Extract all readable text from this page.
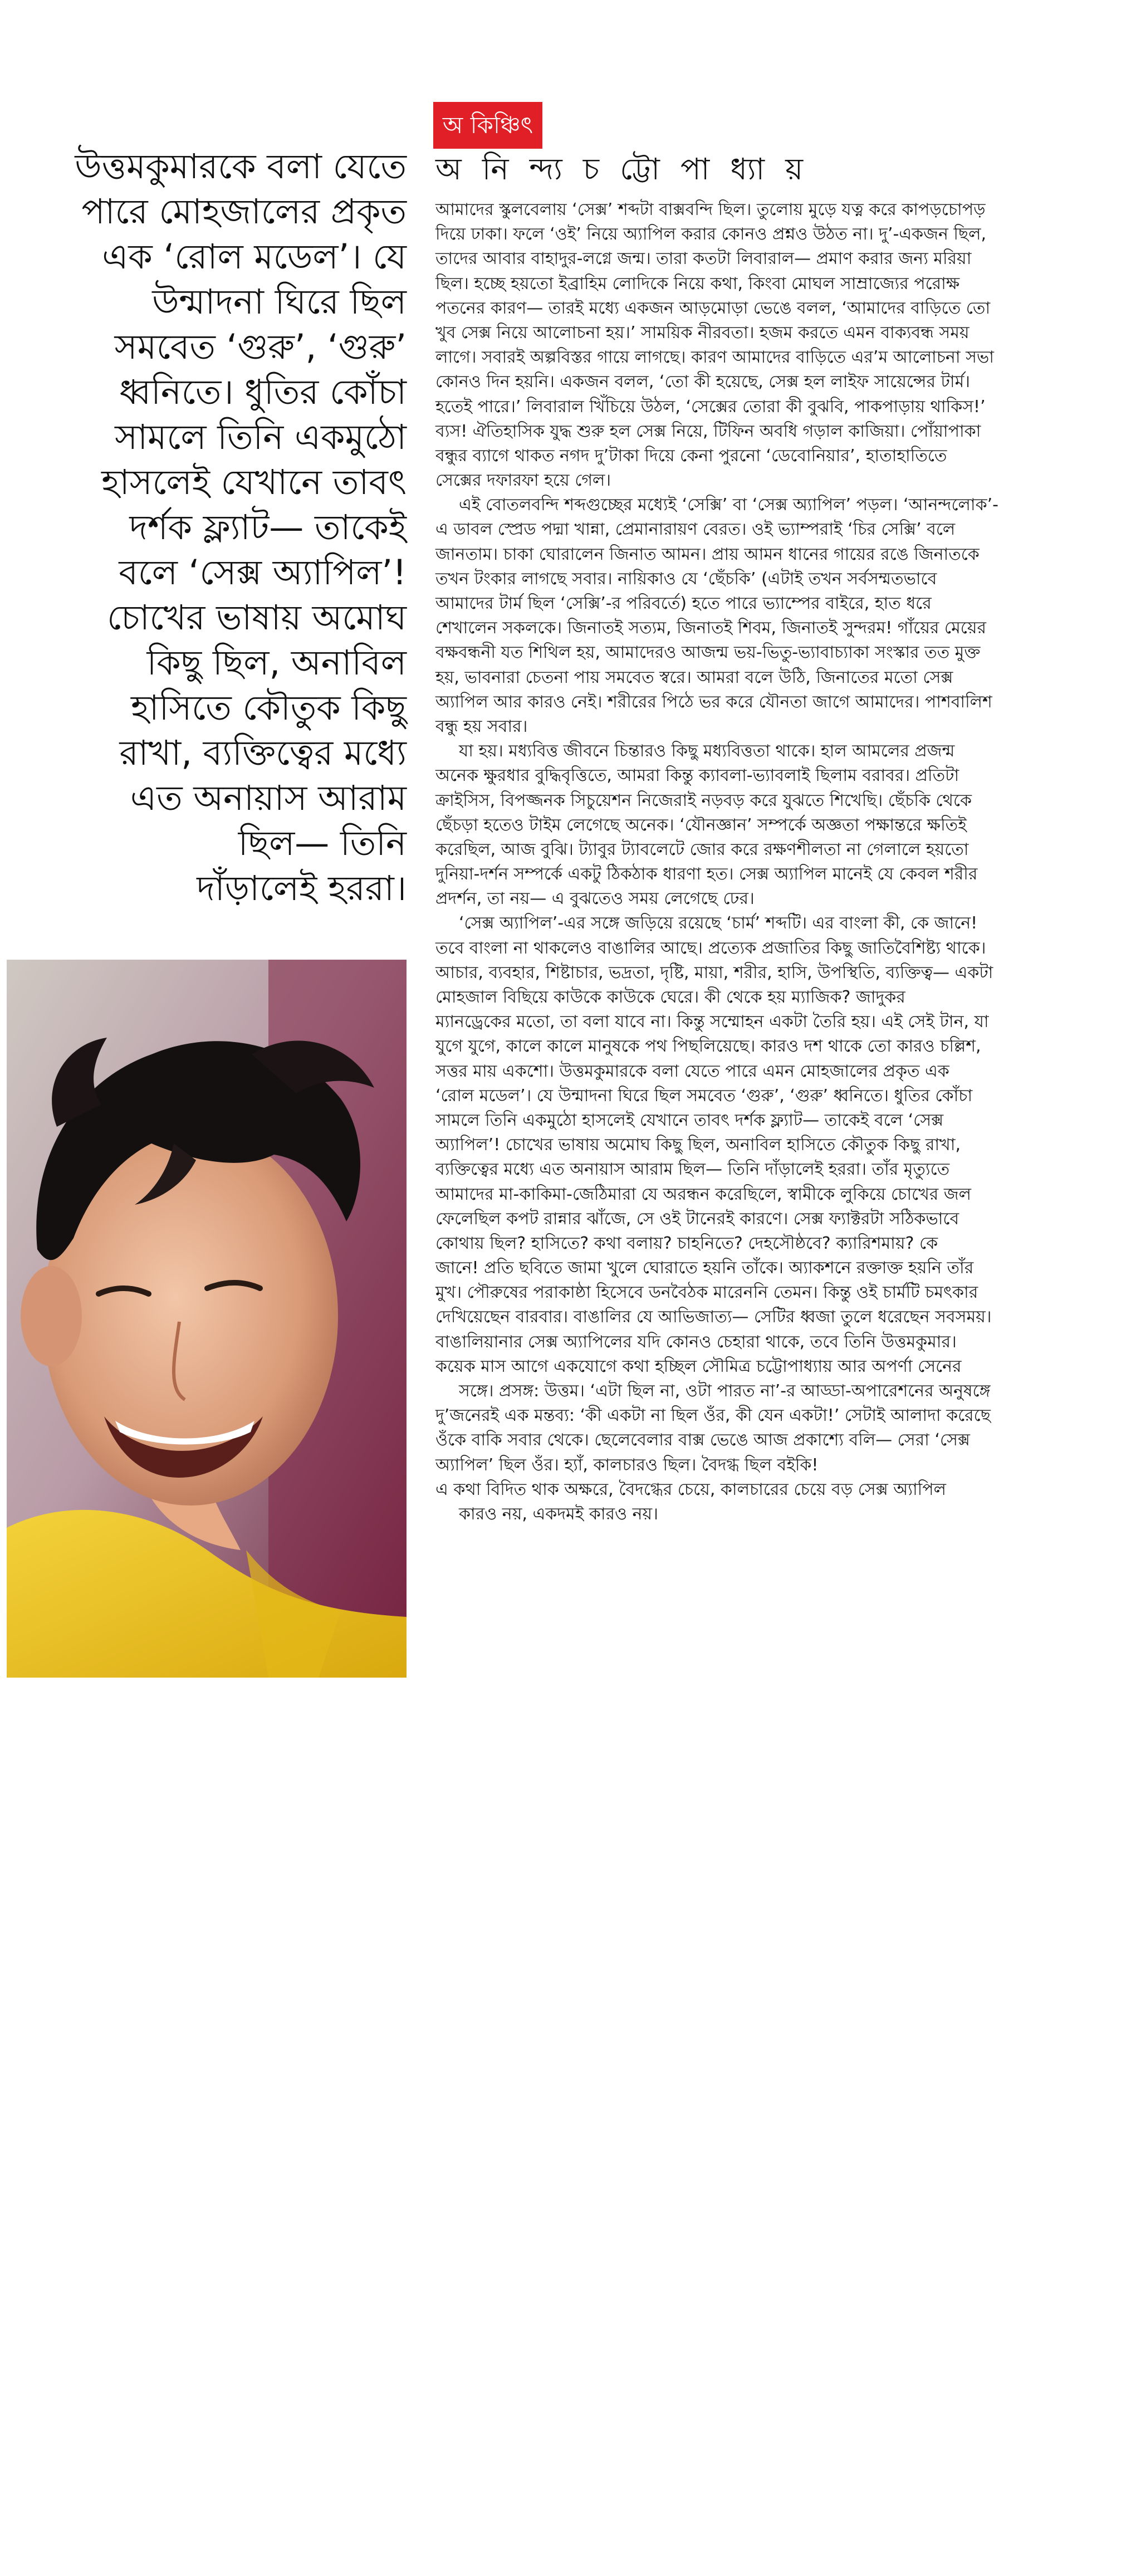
অ কিঞ্চিৎ
অ নি ন্দ্য চ ট্টো পা ধ্যা য়
উত্তমকুমারকে বলা যেতে
পারে মোহজালের প্রকৃত
এক ‘রোল মডেল’। যে
উন্মাদনা ঘিরে ছিল
সমবেত ‘গুরু’, ‘গুরু’
ধ্বনিতে। ধুতির কোঁচা
সামলে তিনি একমুঠো
হাসলেই যেখানে তাবৎ
দর্শক ফ্ল্যাট— তাকেই
বলে ‘সেক্স অ্যাপিল’!
চোখের ভাষায় অমোঘ
কিছু ছিল, অনাবিল
হাসিতে কৌতুক কিছু
রাখা, ব্যক্তিত্বের মধ্যে
এত অনায়াস আরাম
ছিল— তিনি
দাঁড়ালেই হররা।
আমাদের স্কুলবেলায় ‘সেক্স’ শব্দটা বাক্সবন্দি ছিল। তুলোয় মুড়ে যত্ন করে কাপড়চোপড়
দিয়ে ঢাকা। ফলে ‘ওই’ নিয়ে অ্যাপিল করার কোনও প্রশ্নও উঠত না। দু’-একজন ছিল,
তাদের আবার বাহাদুর-লগ্নে জন্ম। তারা কতটা লিবারাল— প্রমাণ করার জন্য মরিয়া
ছিল। হচ্ছে হয়তো ইব্রাহিম লোদিকে নিয়ে কথা, কিংবা মোঘল সাম্রাজ্যের পরোক্ষ
পতনের কারণ— তারই মধ্যে একজন আড়মোড়া ভেঙে বলল, ‘আমাদের বাড়িতে তো
খুব সেক্স নিয়ে আলোচনা হয়।’ সাময়িক নীরবতা। হজম করতে এমন বাক্যবন্ধ সময়
লাগে। সবারই অল্পবিস্তর গায়ে লাগছে। কারণ আমাদের বাড়িতে এর’ম আলোচনা সভা
কোনও দিন হয়নি। একজন বলল, ‘তো কী হয়েছে, সেক্স হল লাইফ সায়েন্সের টার্ম।
হতেই পারে।’ লিবারাল খিঁচিয়ে উঠল, ‘সেক্সের তোরা কী বুঝবি, পাকপাড়ায় থাকিস!’
ব্যস! ঐতিহাসিক যুদ্ধ শুরু হল সেক্স নিয়ে, টিফিন অবধি গড়াল কাজিয়া। পোঁয়াপাকা
বন্ধুর ব্যাগে থাকত নগদ দু’টাকা দিয়ে কেনা পুরনো ‘ডেবোনিয়ার’, হাতাহাতিতে
সেক্সের দফারফা হয়ে গেল।
এই বোতলবন্দি শব্দগুচ্ছের মধ্যেই ‘সেক্সি’ বা ‘সেক্স অ্যাপিল’ পড়ল। ‘আনন্দলোক’-
এ ডাবল স্প্রেড পদ্মা খান্না, প্রেমানারায়ণ বেরত। ওই ভ্যাম্পরাই ‘চির সেক্সি’ বলে
জানতাম। চাকা ঘোরালেন জিনাত আমন। প্রায় আমন ধানের গায়ের রঙে জিনাতকে
তখন টংকার লাগছে সবার। নায়িকাও যে ‘ছেঁচকি’ (এটাই তখন সর্বসম্মতভাবে
আমাদের টার্ম ছিল ‘সেক্সি’-র পরিবর্তে) হতে পারে ভ্যাম্পের বাইরে, হাত ধরে
শেখালেন সকলকে। জিনাতই সত্যম, জিনাতই শিবম, জিনাতই সুন্দরম! গাঁয়ের মেয়ের
বক্ষবন্ধনী যত শিথিল হয়, আমাদেরও আজন্ম ভয়-ভিতু-ভ্যাবাচ্যাকা সংস্কার তত মুক্ত
হয়, ভাবনারা চেতনা পায় সমবেত স্বরে। আমরা বলে উঠি, জিনাতের মতো সেক্স
অ্যাপিল আর কারও নেই। শরীরের পিঠে ভর করে যৌনতা জাগে আমাদের। পাশবালিশ
বন্ধু হয় সবার।
যা হয়। মধ্যবিত্ত জীবনে চিন্তারও কিছু মধ্যবিত্ততা থাকে। হাল আমলের প্রজন্ম
অনেক ক্ষুরধার বুদ্ধিবৃত্তিতে, আমরা কিন্তু ক্যাবলা-ভ্যাবলাই ছিলাম বরাবর। প্রতিটা
ক্রাইসিস, বিপজ্জনক সিচুয়েশন নিজেরাই নড়বড় করে যুঝতে শিখেছি। ছেঁচকি থেকে
ছেঁচড়া হতেও টাইম লেগেছে অনেক। ‘যৌনজ্ঞান’ সম্পর্কে অজ্ঞতা পক্ষান্তরে ক্ষতিই
করেছিল, আজ বুঝি। ট্যাবুর ট্যাবলেটে জোর করে রক্ষণশীলতা না গেলালে হয়তো
দুনিয়া-দর্শন সম্পর্কে একটু ঠিকঠাক ধারণা হত। সেক্স অ্যাপিল মানেই যে কেবল শরীর
প্রদর্শন, তা নয়— এ বুঝতেও সময় লেগেছে ঢের।
‘সেক্স অ্যাপিল’-এর সঙ্গে জড়িয়ে রয়েছে ‘চার্ম’ শব্দটি। এর বাংলা কী, কে জানে!
তবে বাংলা না থাকলেও বাঙালির আছে। প্রত্যেক প্রজাতির কিছু জাতিবৈশিষ্ট্য থাকে।
আচার, ব্যবহার, শিষ্টাচার, ভদ্রতা, দৃষ্টি, মায়া, শরীর, হাসি, উপস্থিতি, ব্যক্তিত্ব— একটা
মোহজাল বিছিয়ে কাউকে কাউকে ঘেরে। কী থেকে হয় ম্যাজিক? জাদুকর
ম্যানড্রেকের মতো, তা বলা যাবে না। কিন্তু সম্মোহন একটা তৈরি হয়। এই সেই টান, যা
যুগে যুগে, কালে কালে মানুষকে পথ পিছলিয়েছে। কারও দশ থাকে তো কারও চল্লিশ,
সত্তর মায় একশো। উত্তমকুমারকে বলা যেতে পারে এমন মোহজালের প্রকৃত এক
‘রোল মডেল’। যে উন্মাদনা ঘিরে ছিল সমবেত ‘গুরু’, ‘গুরু’ ধ্বনিতে। ধুতির কোঁচা
সামলে তিনি একমুঠো হাসলেই যেখানে তাবৎ দর্শক ফ্ল্যাট— তাকেই বলে ‘সেক্স
অ্যাপিল’! চোখের ভাষায় অমোঘ কিছু ছিল, অনাবিল হাসিতে কৌতুক কিছু রাখা,
ব্যক্তিত্বের মধ্যে এত অনায়াস আরাম ছিল— তিনি দাঁড়ালেই হররা। তাঁর মৃত্যুতে
আমাদের মা-কাকিমা-জেঠিমারা যে অরন্ধন করেছিলে, স্বামীকে লুকিয়ে চোখের জল
ফেলেছিল কপট রান্নার ঝাঁজে, সে ওই টানেরই কারণে। সেক্স ফ্যাক্টরটা সঠিকভাবে
কোথায় ছিল? হাসিতে? কথা বলায়? চাহনিতে? দেহসৌষ্ঠবে? ক্যারিশমায়? কে
জানে! প্রতি ছবিতে জামা খুলে ঘোরাতে হয়নি তাঁকে। অ্যাকশনে রক্তাক্ত হয়নি তাঁর
মুখ। পৌরুষের পরাকাষ্ঠা হিসেবে ডনবৈঠক মারেননি তেমন। কিন্তু ওই চার্মটি চমৎকার
দেখিয়েছেন বারবার। বাঙালির যে আভিজাত্য— সেটির ধ্বজা তুলে ধরেছেন সবসময়।
বাঙালিয়ানার সেক্স অ্যাপিলের যদি কোনও চেহারা থাকে, তবে তিনি উত্তমকুমার।
কয়েক মাস আগে একযোগে কথা হচ্ছিল সৌমিত্র চট্টোপাধ্যায় আর অপর্ণা সেনের
সঙ্গে। প্রসঙ্গ: উত্তম। ‘এটা ছিল না, ওটা পারত না’-র আড্ডা-অপারেশনের অনুষঙ্গে
দু’জনেরই এক মন্তব্য: ‘কী একটা না ছিল ওঁর, কী যেন একটা!’ সেটাই আলাদা করেছে
ওঁকে বাকি সবার থেকে। ছেলেবেলার বাক্স ভেঙে আজ প্রকাশ্যে বলি— সেরা ‘সেক্স
অ্যাপিল’ ছিল ওঁর। হ্যাঁ, কালচারও ছিল। বৈদগ্ধ ছিল বইকি!
এ কথা বিদিত থাক অক্ষরে, বৈদগ্ধের চেয়ে, কালচারের চেয়ে বড় সেক্স অ্যাপিল
কারও নয়, একদমই কারও নয়।
৪ রোববার
